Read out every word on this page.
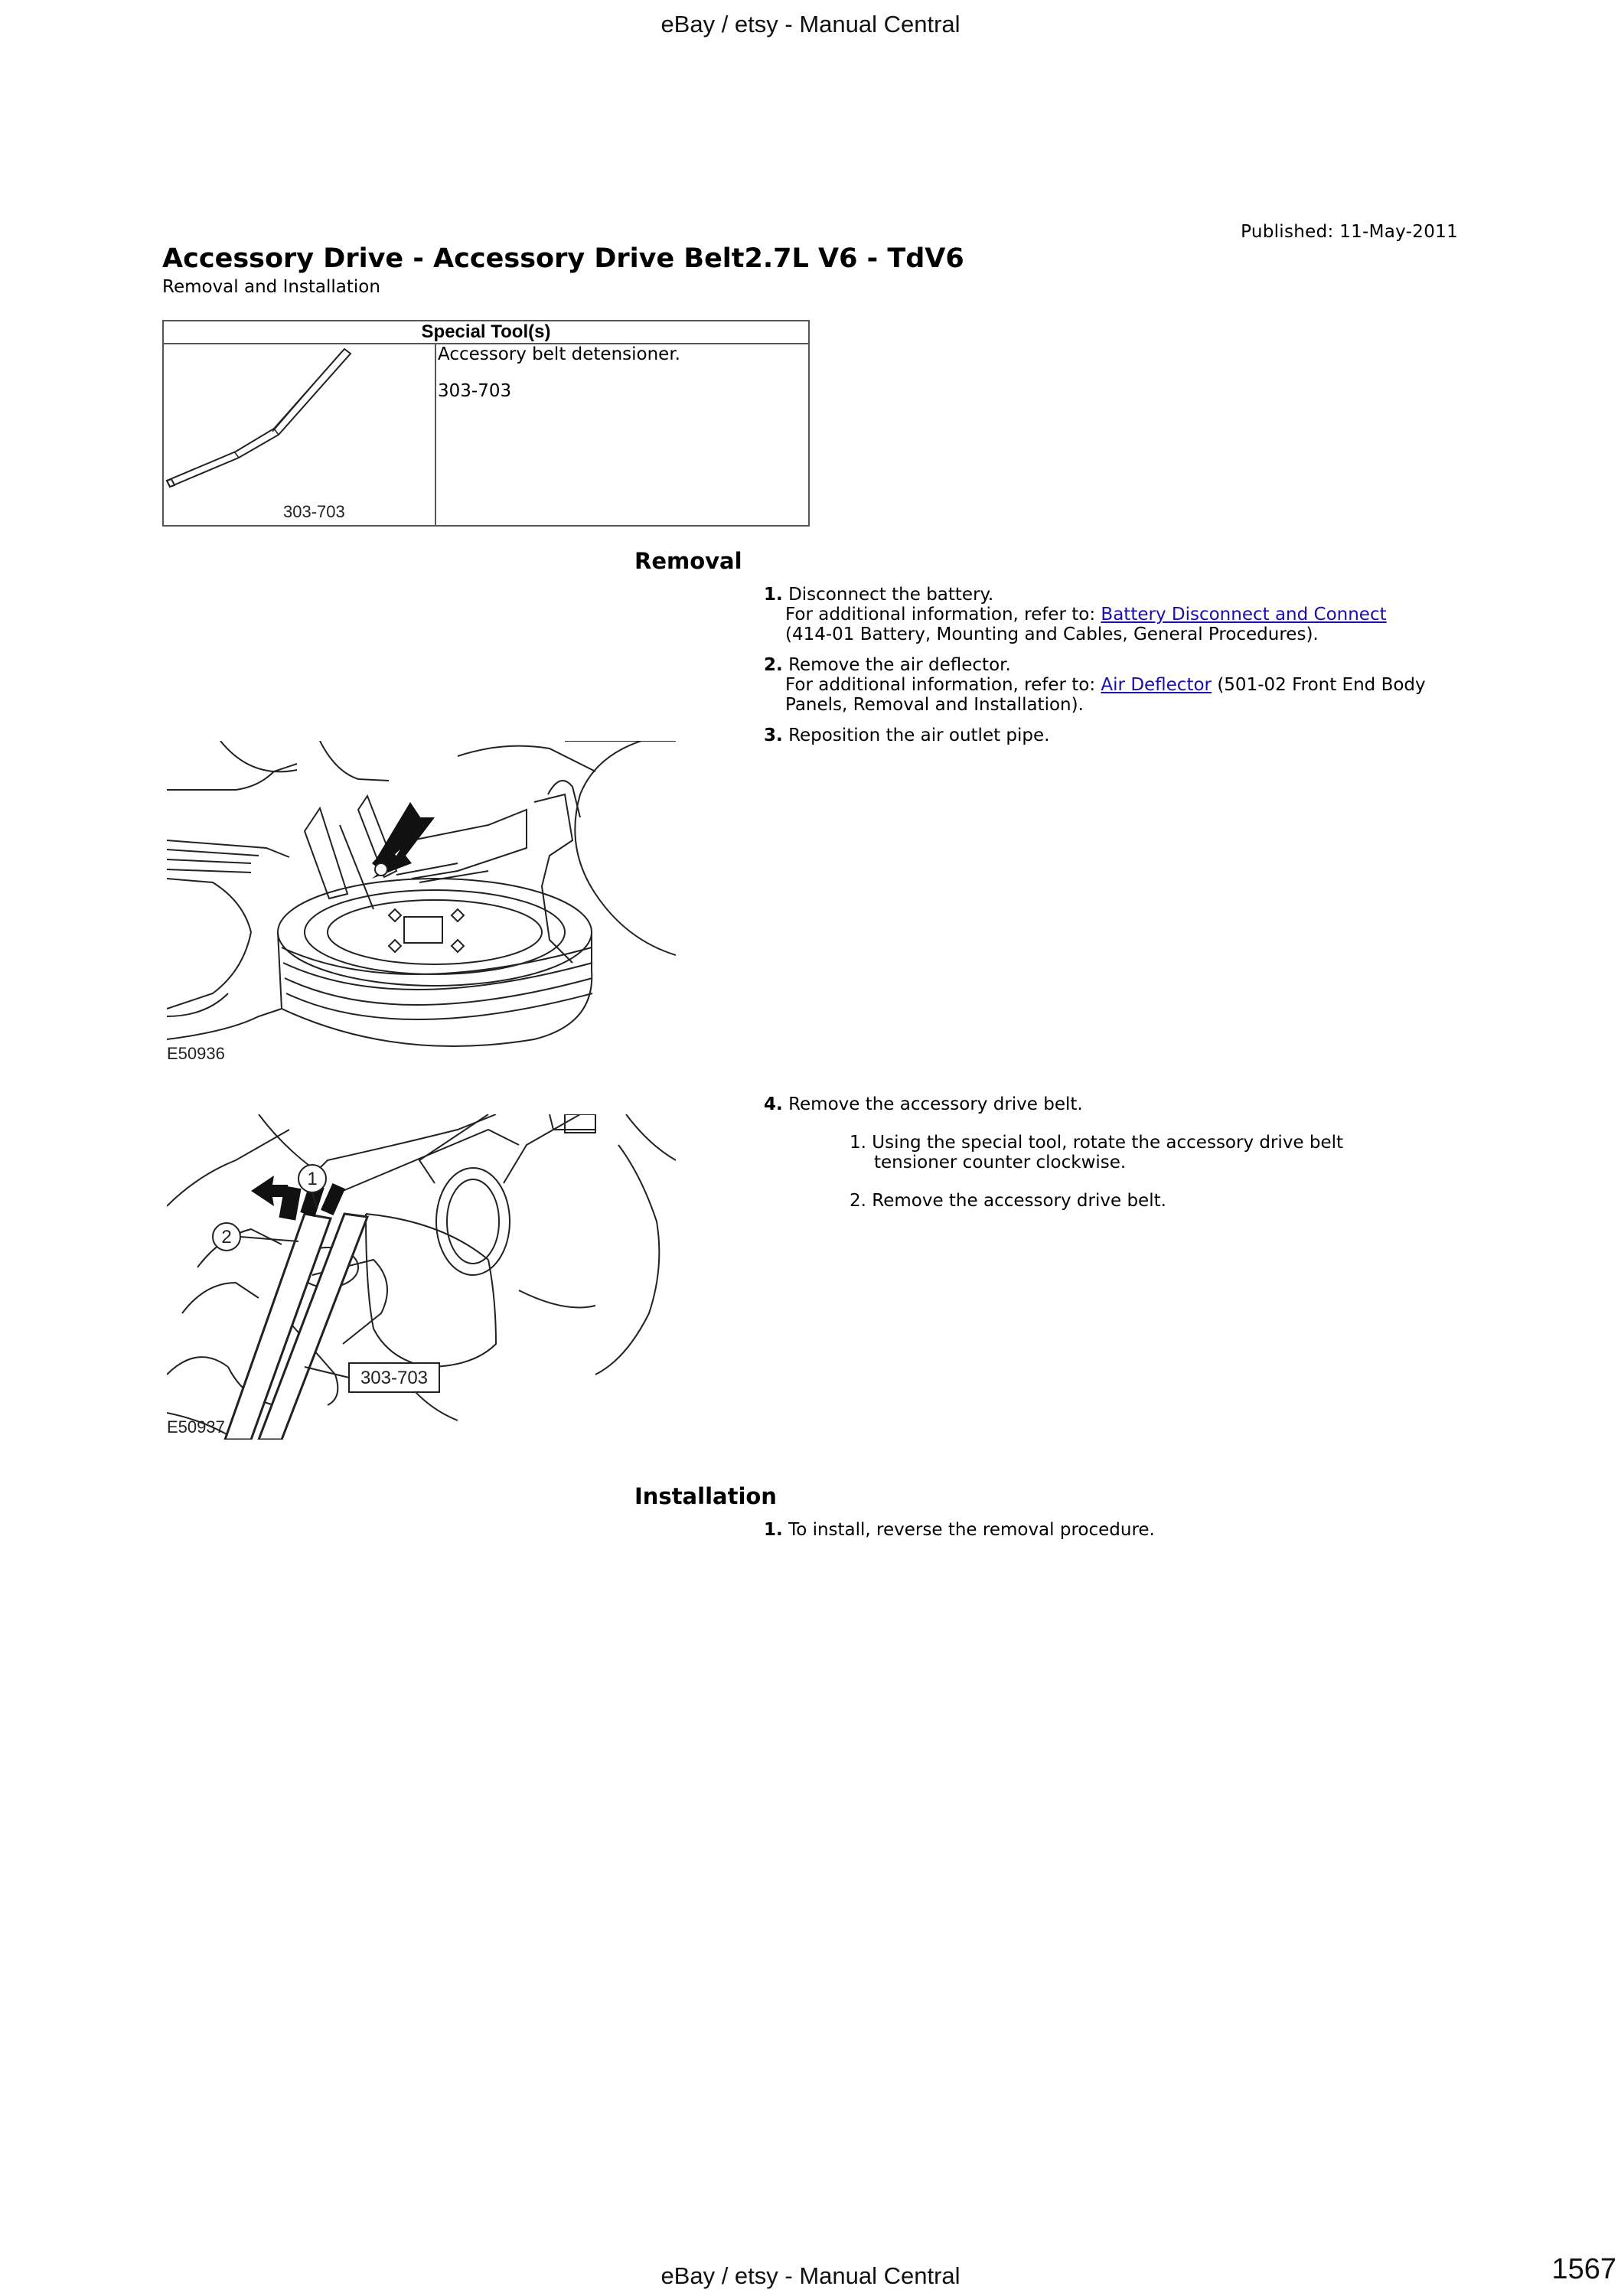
eBay / etsy - Manual Central
Published: 11-May-2011
Accessory Drive - Accessory Drive Belt2.7L V6 - TdV6
Removal and Installation
Special Tool(s)
303-703

Accessory belt detensioner.

303-703

Removal
1. Disconnect the battery.
For additional information, refer to: Battery Disconnect and Connect
(414-01 Battery, Mounting and Cables, General Procedures).
2. Remove the air deflector.
For additional information, refer to: Air Deflector (501-02 Front End Body
Panels, Removal and Installation).
3. Reposition the air outlet pipe.
E50936
4. Remove the accessory drive belt.
1. Using the special tool, rotate the accessory drive belt
tensioner counter clockwise.
2. Remove the accessory drive belt.
1
2
303-703
E50937
Installation
1. To install, reverse the removal procedure.
eBay / etsy - Manual Central	1567
